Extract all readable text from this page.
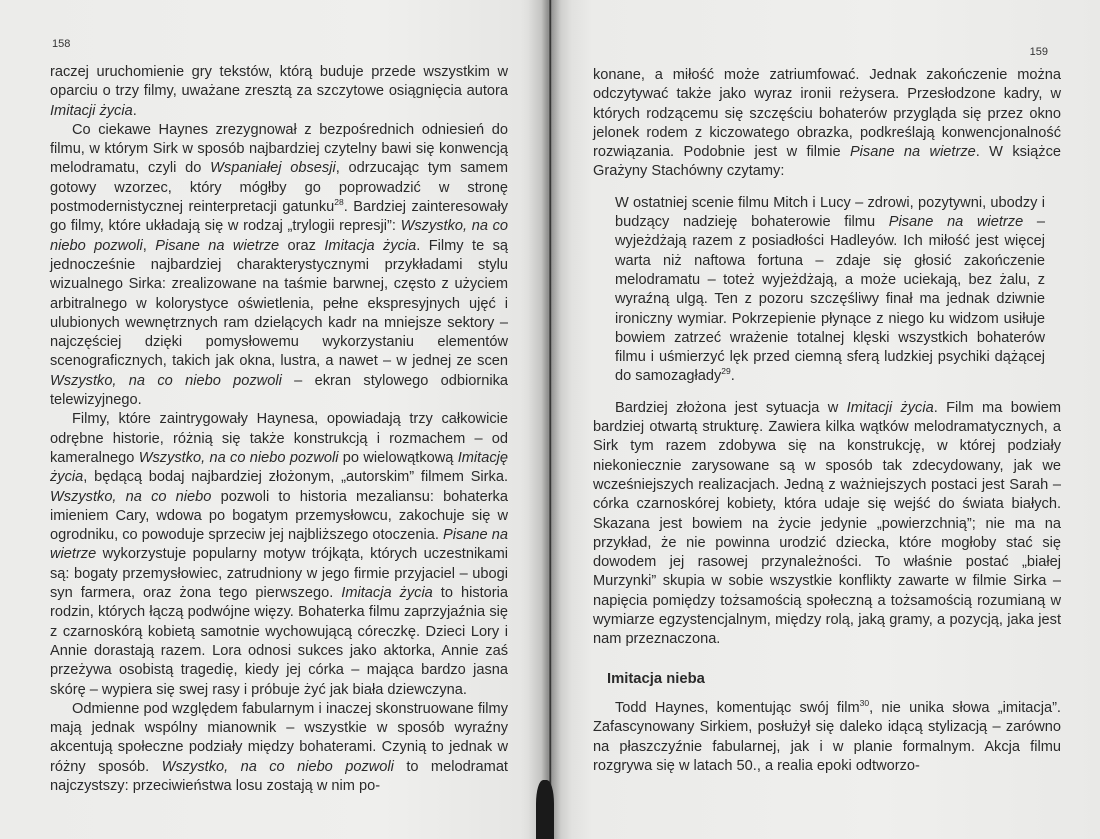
158

raczej uruchomienie gry tekstów, którą buduje przede wszystkim w oparciu o trzy filmy, uważane zresztą za szczytowe osiągnięcia autora Imitacji życia.

Co ciekawe Haynes zrezygnował z bezpośrednich odniesień do filmu, w którym Sirk w sposób najbardziej czytelny bawi się konwencją melodramatu, czyli do Wspaniałej obsesji, odrzucając tym samem gotowy wzorzec, który mógłby go poprowadzić w stronę postmodernistycznej reinterpretacji gatunku$^{28}$. Bardziej zainteresowały go filmy, które układają się w rodzaj „trylogii represji”: Wszystko, na co niebo pozwoli, Pisane na wietrze oraz Imitacja życia. Filmy te są jednocześnie najbardziej charakterystycznymi przykładami stylu wizualnego Sirka: zrealizowane na taśmie barwnej, często z użyciem arbitralnego w kolorystyce oświetlenia, pełne ekspresyjnych ujęć i ulubionych wewnętrznych ram dzielących kadr na mniejsze sektory – najczęściej dzięki pomysłowemu wykorzystaniu elementów scenograficznych, takich jak okna, lustra, a nawet – w jednej ze scen Wszystko, na co niebo pozwoli – ekran stylowego odbiornika telewizyjnego.

Filmy, które zaintrygowały Haynesa, opowiadają trzy całkowicie odrębne historie, różnią się także konstrukcją i rozmachem – od kameralnego Wszystko, na co niebo pozwoli po wielowątkową Imitację życia, będącą bodaj najbardziej złożonym, „autorskim” filmem Sirka. Wszystko, na co niebo pozwoli to historia mezaliansu: bohaterka imieniem Cary, wdowa po bogatym przemysłowcu, zakochuje się w ogrodniku, co powoduje sprzeciw jej najbliższego otoczenia. Pisane na wietrze wykorzystuje popularny motyw trójkąta, których uczestnikami są: bogaty przemysłowiec, zatrudniony w jego firmie przyjaciel – ubogi syn farmera, oraz żona tego pierwszego. Imitacja życia to historia rodzin, których łączą podwójne więzy. Bohaterka filmu zaprzyjaźnia się z czarnoskórą kobietą samotnie wychowującą córeczkę. Dzieci Lory i Annie dorastają razem. Lora odnosi sukces jako aktorka, Annie zaś przeżywa osobistą tragedię, kiedy jej córka – mająca bardzo jasna skórę – wypiera się swej rasy i próbuje żyć jak biała dziewczyna.

Odmienne pod względem fabularnym i inaczej skonstruowane filmy mają jednak wspólny mianownik – wszystkie w sposób wyraźny akcentują społeczne podziały między bohaterami. Czynią to jednak w różny sposób. Wszystko, na co niebo pozwoli to melodramat najczystszy: przeciwieństwa losu zostają w nim po-

159

konane, a miłość może zatriumfować. Jednak zakończenie można odczytywać także jako wyraz ironii reżysera. Przesłodzone kadry, w których rodzącemu się szczęściu bohaterów przygląda się przez okno jelonek rodem z kiczowatego obrazka, podkreślają konwencjonalność rozwiązania. Podobnie jest w filmie Pisane na wietrze. W książce Grażyny Stachówny czytamy:

W ostatniej scenie filmu Mitch i Lucy – zdrowi, pozytywni, ubodzy i budzący nadzieję bohaterowie filmu Pisane na wietrze – wyjeżdżają razem z posiadłości Hadleyów. Ich miłość jest więcej warta niż naftowa fortuna – zdaje się głosić zakończenie melodramatu – toteż wyjeżdżają, a może uciekają, bez żalu, z wyraźną ulgą. Ten z pozoru szczęśliwy finał ma jednak dziwnie ironiczny wymiar. Pokrzepienie płynące z niego ku widzom usiłuje bowiem zatrzeć wrażenie totalnej klęski wszystkich bohaterów filmu i uśmierzyć lęk przed ciemną sferą ludzkiej psychiki dążącej do samozagłady$^{29}$.

Bardziej złożona jest sytuacja w Imitacji życia. Film ma bowiem bardziej otwartą strukturę. Zawiera kilka wątków melodramatycznych, a Sirk tym razem zdobywa się na konstrukcję, w której podziały niekoniecznie zarysowane są w sposób tak zdecydowany, jak we wcześniejszych realizacjach. Jedną z ważniejszych postaci jest Sarah – córka czarnoskórej kobiety, która udaje się wejść do świata białych. Skazana jest bowiem na życie jedynie „powierzchnią”; nie ma na przykład, że nie powinna urodzić dziecka, które mogłoby stać się dowodem jej rasowej przynależności. To właśnie postać „białej Murzynki” skupia w sobie wszystkie konflikty zawarte w filmie Sirka – napięcia pomiędzy tożsamością społeczną a tożsamością rozumianą w wymiarze egzystencjalnym, między rolą, jaką gramy, a pozycją, jaka jest nam przeznaczona.

Imitacja nieba

Todd Haynes, komentując swój film$^{30}$, nie unika słowa „imitacja”. Zafascynowany Sirkiem, posłużył się daleko idącą stylizacją – zarówno na płaszczyźnie fabularnej, jak i w planie formalnym. Akcja filmu rozgrywa się w latach 50., a realia epoki odtworzo-
